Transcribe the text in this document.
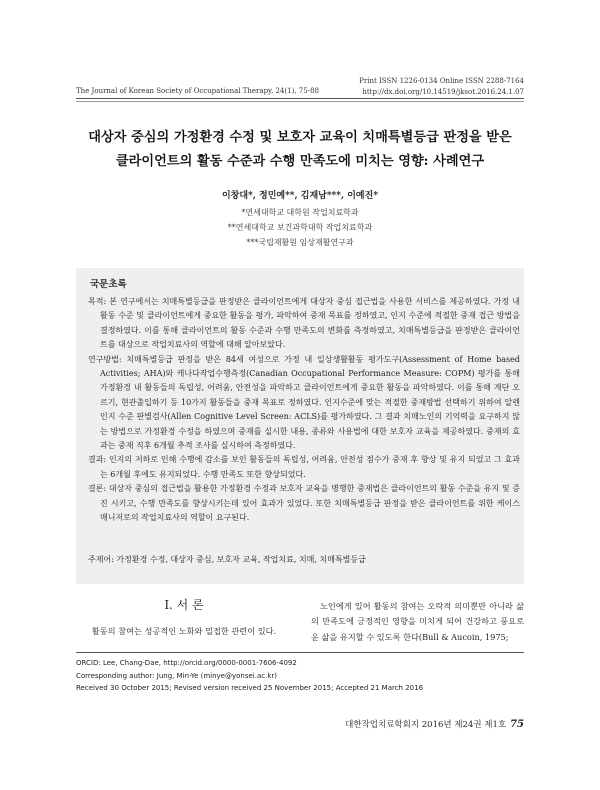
The Journal of Korean Society of Occupational Therapy, 24(1), 75-88
Print ISSN 1226-0134 Online ISSN 2288-7164
http://dx.doi.org/10.14519/jksot.2016.24.1.07
대상자 중심의 가정환경 수정 및 보호자 교육이 치매특별등급 판정을 받은
클라이언트의 활동 수준과 수행 만족도에 미치는 영향: 사례연구
이창대*, 정민예**, 김재남***, 이예진*
*연세대학교 대학원 작업치료학과
**연세대학교 보건과학대학 작업치료학과
***국립재활원 임상재활연구과
국문초록

목적: 본 연구에서는 치매특별등급을 판정받은 클라이언트에게 대상자 중심 접근법을 사용한 서비스를 제공하였다. 가정 내 활동 수준 및 클라이언트에게 중요한 활동을 평가, 파악하여 중재 목표를 정하였고, 인지 수준에 적절한 중재 접근 방법을 결정하였다. 이를 통해 클라이언트의 활동 수준과 수행 만족도의 변화를 측정하였고, 치매특별등급을 판정받은 클라이언트를 대상으로 작업치료사의 역할에 대해 알아보았다.

연구방법: 치매특별등급 판정을 받은 84세 여성으로 가정 내 일상생활활동 평가도구(Assessment of Home based Activities; AHA)와 캐나다작업수행측정(Canadian Occupational Performance Measure: COPM) 평가를 통해 가정환경 내 활동들의 독립성, 어려움, 안전성을 파악하고 클라이언트에게 중요한 활동을 파악하였다. 이를 통해 계단 오르기, 현관출입하기 등 10가지 활동들을 중재 목표로 정하였다. 인지수준에 맞는 적절한 중재방법 선택하기 위하여 알렌 인지 수준 판별검사(Allen Cognitive Level Screen: ACLS)를 평가하였다. 그 결과 치매노인의 기억력을 요구하지 않는 방법으로 가정환경 수정을 하였으며 중재를 실시한 내용, 종류와 사용법에 대한 보호자 교육을 제공하였다. 중재의 효과는 중재 직후 6개월 추적 조사를 실시하여 측정하였다.

결과: 인지의 저하로 인해 수행에 감소를 보인 활동들의 독립성, 어려움, 안전성 점수가 중재 후 향상 및 유지 되었고 그 효과는 6개월 후에도 유지되었다. 수행 만족도 또한 향상되었다.

결론: 대상자 중심의 접근법을 활용한 가정환경 수정과 보호자 교육을 병행한 중재법은 클라이언트의 활동 수준을 유지 및 증진 시키고, 수행 만족도를 향상시키는데 있어 효과가 있었다. 또한 치매특별등급 판정을 받은 클라이언트를 위한 케이스 매니저로의 작업치료사의 역할이 요구된다.

주제어: 가정환경 수정, 대상자 중심, 보호자 교육, 작업치료, 치매, 치매특별등급
Ⅰ. 서 론
활동의 참여는 성공적인 노화와 밀접한 관련이 있다.

노인에게 있어 활동의 참여는 오락적 의미뿐만 아니라 삶의 만족도에 긍정적인 영향을 미치게 되어 건강하고 풍요로운 삶을 유지할 수 있도록 한다(Bull & Aucoin, 1975;

ORCID: Lee, Chang-Dae, http://orcid.org/0000-0001-7606-4092
Corresponding author: Jung, Min-Ye (minye@yonsei.ac.kr)
Received 30 October 2015; Revised version received 25 November 2015; Accepted 21 March 2016
대한작업치료학회지 2016년 제24권 제1호 75
